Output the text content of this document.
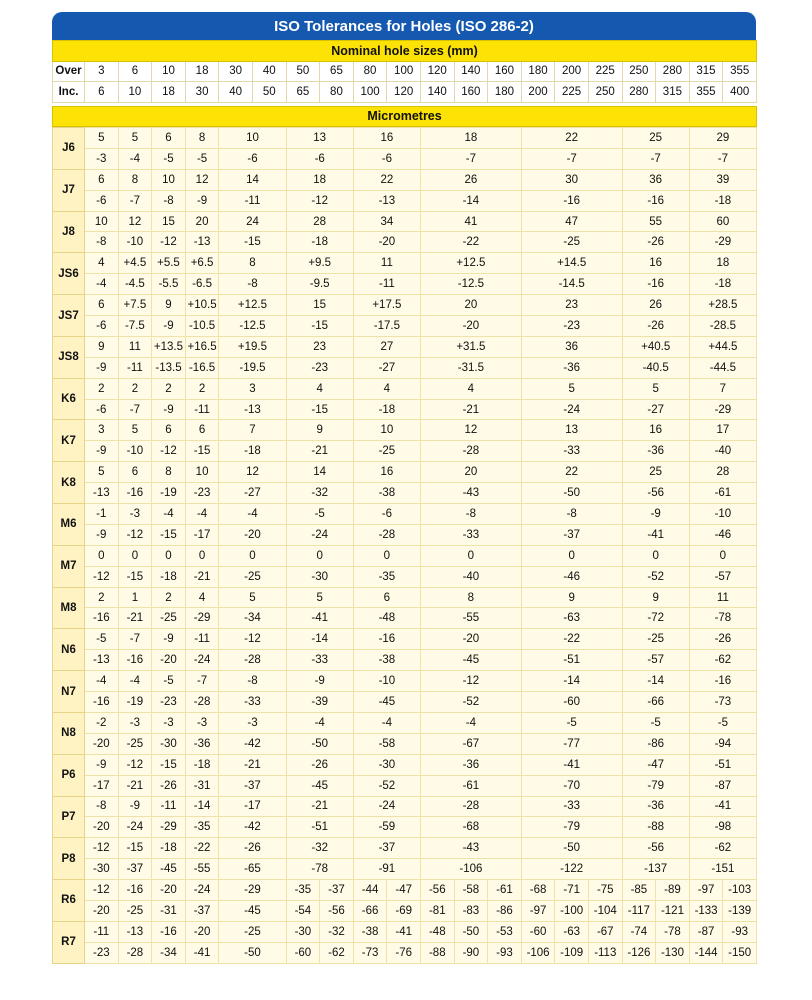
ISO Tolerances for Holes (ISO 286-2)
Nominal hole sizes (mm)																				
Over	3	6	10	18	30	40	50	65	80	100	120	140	160	180	200	225	250	280	315	355
Inc.	6	10	18	30	40	50	65	80	100	120	140	160	180	200	225	250	280	315	355	400

Micrometres																				
J6	5	5	6	8	10	13		16		18			22			25		29	
	-3	-4	-5	-5	-6	-6		-6		-7			-7			-7		-7	
J7	6	8	10	12	14	18		22		26			30			36		39	
	-6	-7	-8	-9	-11	-12		-13		-14			-16			-16		-18	
J8	10	12	15	20	24	28		34		41			47			55		60	
	-8	-10	-12	-13	-15	-18		-20		-22			-25			-26		-29	
JS6	4	+4.5	+5.5	+6.5	8	+9.5		11		+12.5			+14.5			16		18	
	-4	-4.5	-5.5	-6.5	-8	-9.5		-11		-12.5			-14.5			-16		-18	
JS7	6	+7.5	9	+10.5	+12.5	15		+17.5		20			23			26		+28.5	
	-6	-7.5	-9	-10.5	-12.5	-15		-17.5		-20			-23			-26		-28.5	
JS8	9	11	+13.5	+16.5	+19.5	23		27		+31.5			36			+40.5		+44.5	
	-9	-11	-13.5	-16.5	-19.5	-23		-27		-31.5			-36			-40.5		-44.5	
K6	2	2	2	2	3	4		4		4			5			5		7	
	-6	-7	-9	-11	-13	-15		-18		-21			-24			-27		-29	
K7	3	5	6	6	7	9		10		12			13			16		17	
	-9	-10	-12	-15	-18	-21		-25		-28			-33			-36		-40	
K8	5	6	8	10	12	14		16		20			22			25		28	
	-13	-16	-19	-23	-27	-32		-38		-43			-50			-56		-61	
M6	-1	-3	-4	-4	-4	-5		-6		-8			-8			-9		-10	
	-9	-12	-15	-17	-20	-24		-28		-33			-37			-41		-46	
M7	0	0	0	0	0	0		0		0			0			0		0	
	-12	-15	-18	-21	-25	-30		-35		-40			-46			-52		-57	
M8	2	1	2	4	5	5		6		8			9			9		11	
	-16	-21	-25	-29	-34	-41		-48		-55			-63			-72		-78	
N6	-5	-7	-9	-11	-12	-14		-16		-20			-22			-25		-26	
	-13	-16	-20	-24	-28	-33		-38		-45			-51			-57		-62	
N7	-4	-4	-5	-7	-8	-9		-10		-12			-14			-14		-16	
	-16	-19	-23	-28	-33	-39		-45		-52			-60			-66		-73	
N8	-2	-3	-3	-3	-3	-4		-4		-4			-5			-5		-5	
	-20	-25	-30	-36	-42	-50		-58		-67			-77			-86		-94	
P6	-9	-12	-15	-18	-21	-26		-30		-36			-41			-47		-51	
	-17	-21	-26	-31	-37	-45		-52		-61			-70			-79		-87	
P7	-8	-9	-11	-14	-17	-21		-24		-28			-33			-36		-41	
	-20	-24	-29	-35	-42	-51		-59		-68			-79			-88		-98	
P8	-12	-15	-18	-22	-26	-32		-37		-43			-50			-56		-62	
	-30	-37	-45	-55	-65	-78		-91		-106			-122			-137		-151	
R6	-12	-16	-20	-24	-29	-35	-37	-44	-47	-56	-58	-61	-68	-71	-75	-85	-89	-97	-103
	-20	-25	-31	-37	-45	-54	-56	-66	-69	-81	-83	-86	-97	-100	-104	-117	-121	-133	-139
R7	-11	-13	-16	-20	-25	-30	-32	-38	-41	-48	-50	-53	-60	-63	-67	-74	-78	-87	-93
	-23	-28	-34	-41	-50	-60	-62	-73	-76	-88	-90	-93	-106	-109	-113	-126	-130	-144	-150
